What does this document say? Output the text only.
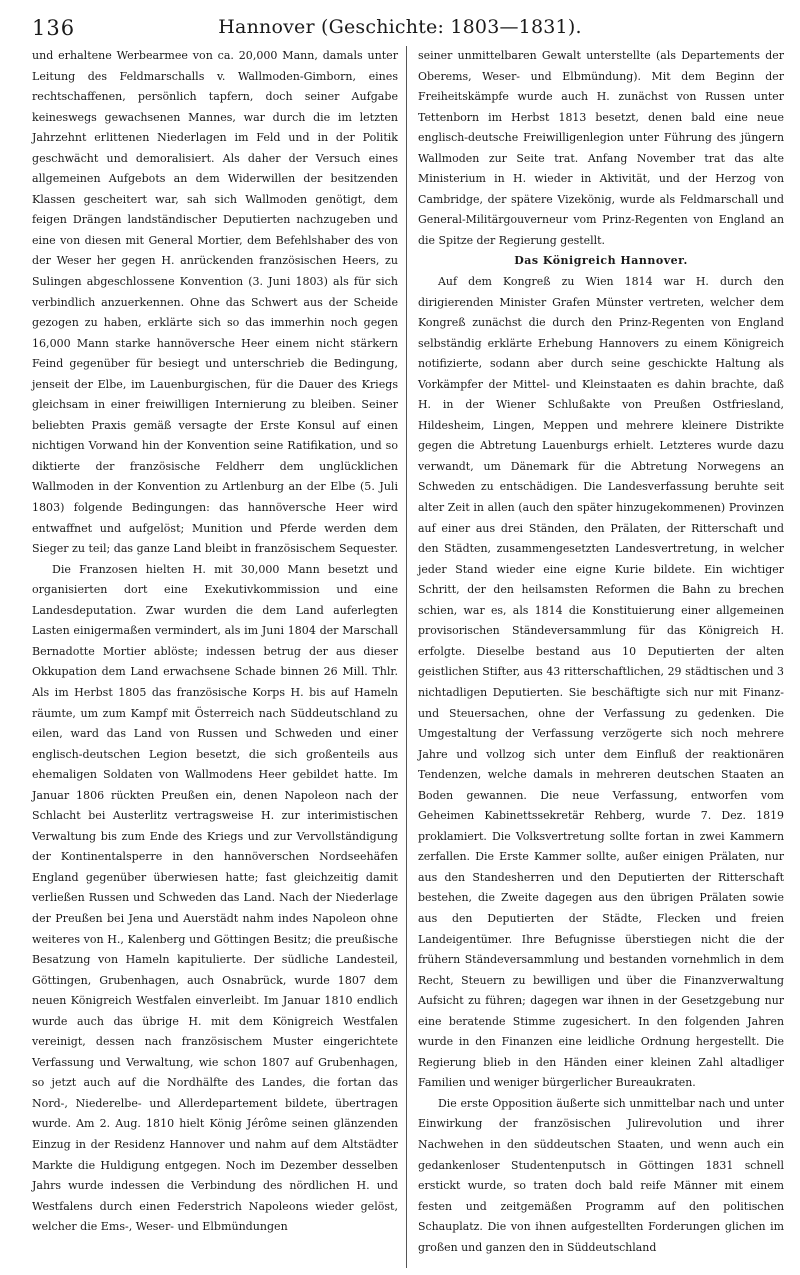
136	Hannover (Geschichte: 1803—1831).

und erhaltene Werbearmee von ca. 20,000 Mann, damals unter Leitung des Feldmarschalls v. Wallmoden-Gimborn, eines rechtschaffenen, persönlich tapfern, doch seiner Aufgabe keineswegs gewachsenen Mannes, war durch die im letzten Jahrzehnt erlittenen Niederlagen im Feld und in der Politik geschwächt und demoralisiert. Als daher der Versuch eines allgemeinen Aufgebots an dem Widerwillen der besitzenden Klassen gescheitert war, sah sich Wallmoden genötigt, dem feigen Drängen landständischer Deputierten nachzugeben und eine von diesen mit General Mortier, dem Befehlshaber des von der Weser her gegen H. anrückenden französischen Heers, zu Sulingen abgeschlossene Konvention (3. Juni 1803) als für sich verbindlich anzuerkennen. Ohne das Schwert aus der Scheide gezogen zu haben, erklärte sich so das immerhin noch gegen 16,000 Mann starke hannöversche Heer einem nicht stärkern Feind gegenüber für besiegt und unterschrieb die Bedingung, jenseit der Elbe, im Lauenburgischen, für die Dauer des Kriegs gleichsam in einer freiwilligen Internierung zu bleiben. Seiner beliebten Praxis gemäß versagte der Erste Konsul auf einen nichtigen Vorwand hin der Konvention seine Ratifikation, und so diktierte der französische Feldherr dem unglücklichen Wallmoden in der Konvention zu Artlenburg an der Elbe (5. Juli 1803) folgende Bedingungen: das hannöversche Heer wird entwaffnet und aufgelöst; Munition und Pferde werden dem Sieger zu teil; das ganze Land bleibt in französischem Sequester.

Die Franzosen hielten H. mit 30,000 Mann besetzt und organisierten dort eine Exekutivkommission und eine Landesdeputation. Zwar wurden die dem Land auferlegten Lasten einigermaßen vermindert, als im Juni 1804 der Marschall Bernadotte Mortier ablöste; indessen betrug der aus dieser Okkupation dem Land erwachsene Schade binnen 26 Mill. Thlr. Als im Herbst 1805 das französische Korps H. bis auf Hameln räumte, um zum Kampf mit Österreich nach Süddeutschland zu eilen, ward das Land von Russen und Schweden und einer englisch-deutschen Legion besetzt, die sich großenteils aus ehemaligen Soldaten von Wallmodens Heer gebildet hatte. Im Januar 1806 rückten Preußen ein, denen Napoleon nach der Schlacht bei Austerlitz vertragsweise H. zur interimistischen Verwaltung bis zum Ende des Kriegs und zur Vervollständigung der Kontinentalsperre in den hannöverschen Nordseehäfen England gegenüber überwiesen hatte; fast gleichzeitig damit verließen Russen und Schweden das Land. Nach der Niederlage der Preußen bei Jena und Auerstädt nahm indes Napoleon ohne weiteres von H., Kalenberg und Göttingen Besitz; die preußische Besatzung von Hameln kapitulierte. Der südliche Landesteil, Göttingen, Grubenhagen, auch Osnabrück, wurde 1807 dem neuen Königreich Westfalen einverleibt. Im Januar 1810 endlich wurde auch das übrige H. mit dem Königreich Westfalen vereinigt, dessen nach französischem Muster eingerichtete Verfassung und Verwaltung, wie schon 1807 auf Grubenhagen, so jetzt auch auf die Nordhälfte des Landes, die fortan das Nord-, Niederelbe- und Allerdepartement bildete, übertragen wurde. Am 2. Aug. 1810 hielt König Jérôme seinen glänzenden Einzug in der Residenz Hannover und nahm auf dem Altstädter Markte die Huldigung entgegen. Noch im Dezember desselben Jahrs wurde indessen die Verbindung des nördlichen H. und Westfalens durch einen Federstrich Napoleons wieder gelöst, welcher die Ems-, Weser- und Elbmündungen

seiner unmittelbaren Gewalt unterstellte (als Departements der Oberems, Weser- und Elbmündung). Mit dem Beginn der Freiheitskämpfe wurde auch H. zunächst von Russen unter Tettenborn im Herbst 1813 besetzt, denen bald eine neue englisch-deutsche Freiwilligenlegion unter Führung des jüngern Wallmoden zur Seite trat. Anfang November trat das alte Ministerium in H. wieder in Aktivität, und der Herzog von Cambridge, der spätere Vizekönig, wurde als Feldmarschall und General-Militärgouverneur vom Prinz-Regenten von England an die Spitze der Regierung gestellt.

Das Königreich Hannover.

Auf dem Kongreß zu Wien 1814 war H. durch den dirigierenden Minister Grafen Münster vertreten, welcher dem Kongreß zunächst die durch den Prinz-Regenten von England selbständig erklärte Erhebung Hannovers zu einem Königreich notifizierte, sodann aber durch seine geschickte Haltung als Vorkämpfer der Mittel- und Kleinstaaten es dahin brachte, daß H. in der Wiener Schlußakte von Preußen Ostfriesland, Hildesheim, Lingen, Meppen und mehrere kleinere Distrikte gegen die Abtretung Lauenburgs erhielt. Letzteres wurde dazu verwandt, um Dänemark für die Abtretung Norwegens an Schweden zu entschädigen. Die Landesverfassung beruhte seit alter Zeit in allen (auch den später hinzugekommenen) Provinzen auf einer aus drei Ständen, den Prälaten, der Ritterschaft und den Städten, zusammengesetzten Landesvertretung, in welcher jeder Stand wieder eine eigne Kurie bildete. Ein wichtiger Schritt, der den heilsamsten Reformen die Bahn zu brechen schien, war es, als 1814 die Konstituierung einer allgemeinen provisorischen Ständeversammlung für das Königreich H. erfolgte. Dieselbe bestand aus 10 Deputierten der alten geistlichen Stifter, aus 43 ritterschaftlichen, 29 städtischen und 3 nichtadligen Deputierten. Sie beschäftigte sich nur mit Finanz- und Steuersachen, ohne der Verfassung zu gedenken. Die Umgestaltung der Verfassung verzögerte sich noch mehrere Jahre und vollzog sich unter dem Einfluß der reaktionären Tendenzen, welche damals in mehreren deutschen Staaten an Boden gewannen. Die neue Verfassung, entworfen vom Geheimen Kabinettssekretär Rehberg, wurde 7. Dez. 1819 proklamiert. Die Volksvertretung sollte fortan in zwei Kammern zerfallen. Die Erste Kammer sollte, außer einigen Prälaten, nur aus den Standesherren und den Deputierten der Ritterschaft bestehen, die Zweite dagegen aus den übrigen Prälaten sowie aus den Deputierten der Städte, Flecken und freien Landeigentümer. Ihre Befugnisse überstiegen nicht die der frühern Ständeversammlung und bestanden vornehmlich in dem Recht, Steuern zu bewilligen und über die Finanzverwaltung Aufsicht zu führen; dagegen war ihnen in der Gesetzgebung nur eine beratende Stimme zugesichert. In den folgenden Jahren wurde in den Finanzen eine leidliche Ordnung hergestellt. Die Regierung blieb in den Händen einer kleinen Zahl altadliger Familien und weniger bürgerlicher Bureaukraten.

Die erste Opposition äußerte sich unmittelbar nach und unter Einwirkung der französischen Julirevolution und ihrer Nachwehen in den süddeutschen Staaten, und wenn auch ein gedankenloser Studentenputsch in Göttingen 1831 schnell erstickt wurde, so traten doch bald reife Männer mit einem festen und zeitgemäßen Programm auf den politischen Schauplatz. Die von ihnen aufgestellten Forderungen glichen im großen und ganzen den in Süddeutschland
